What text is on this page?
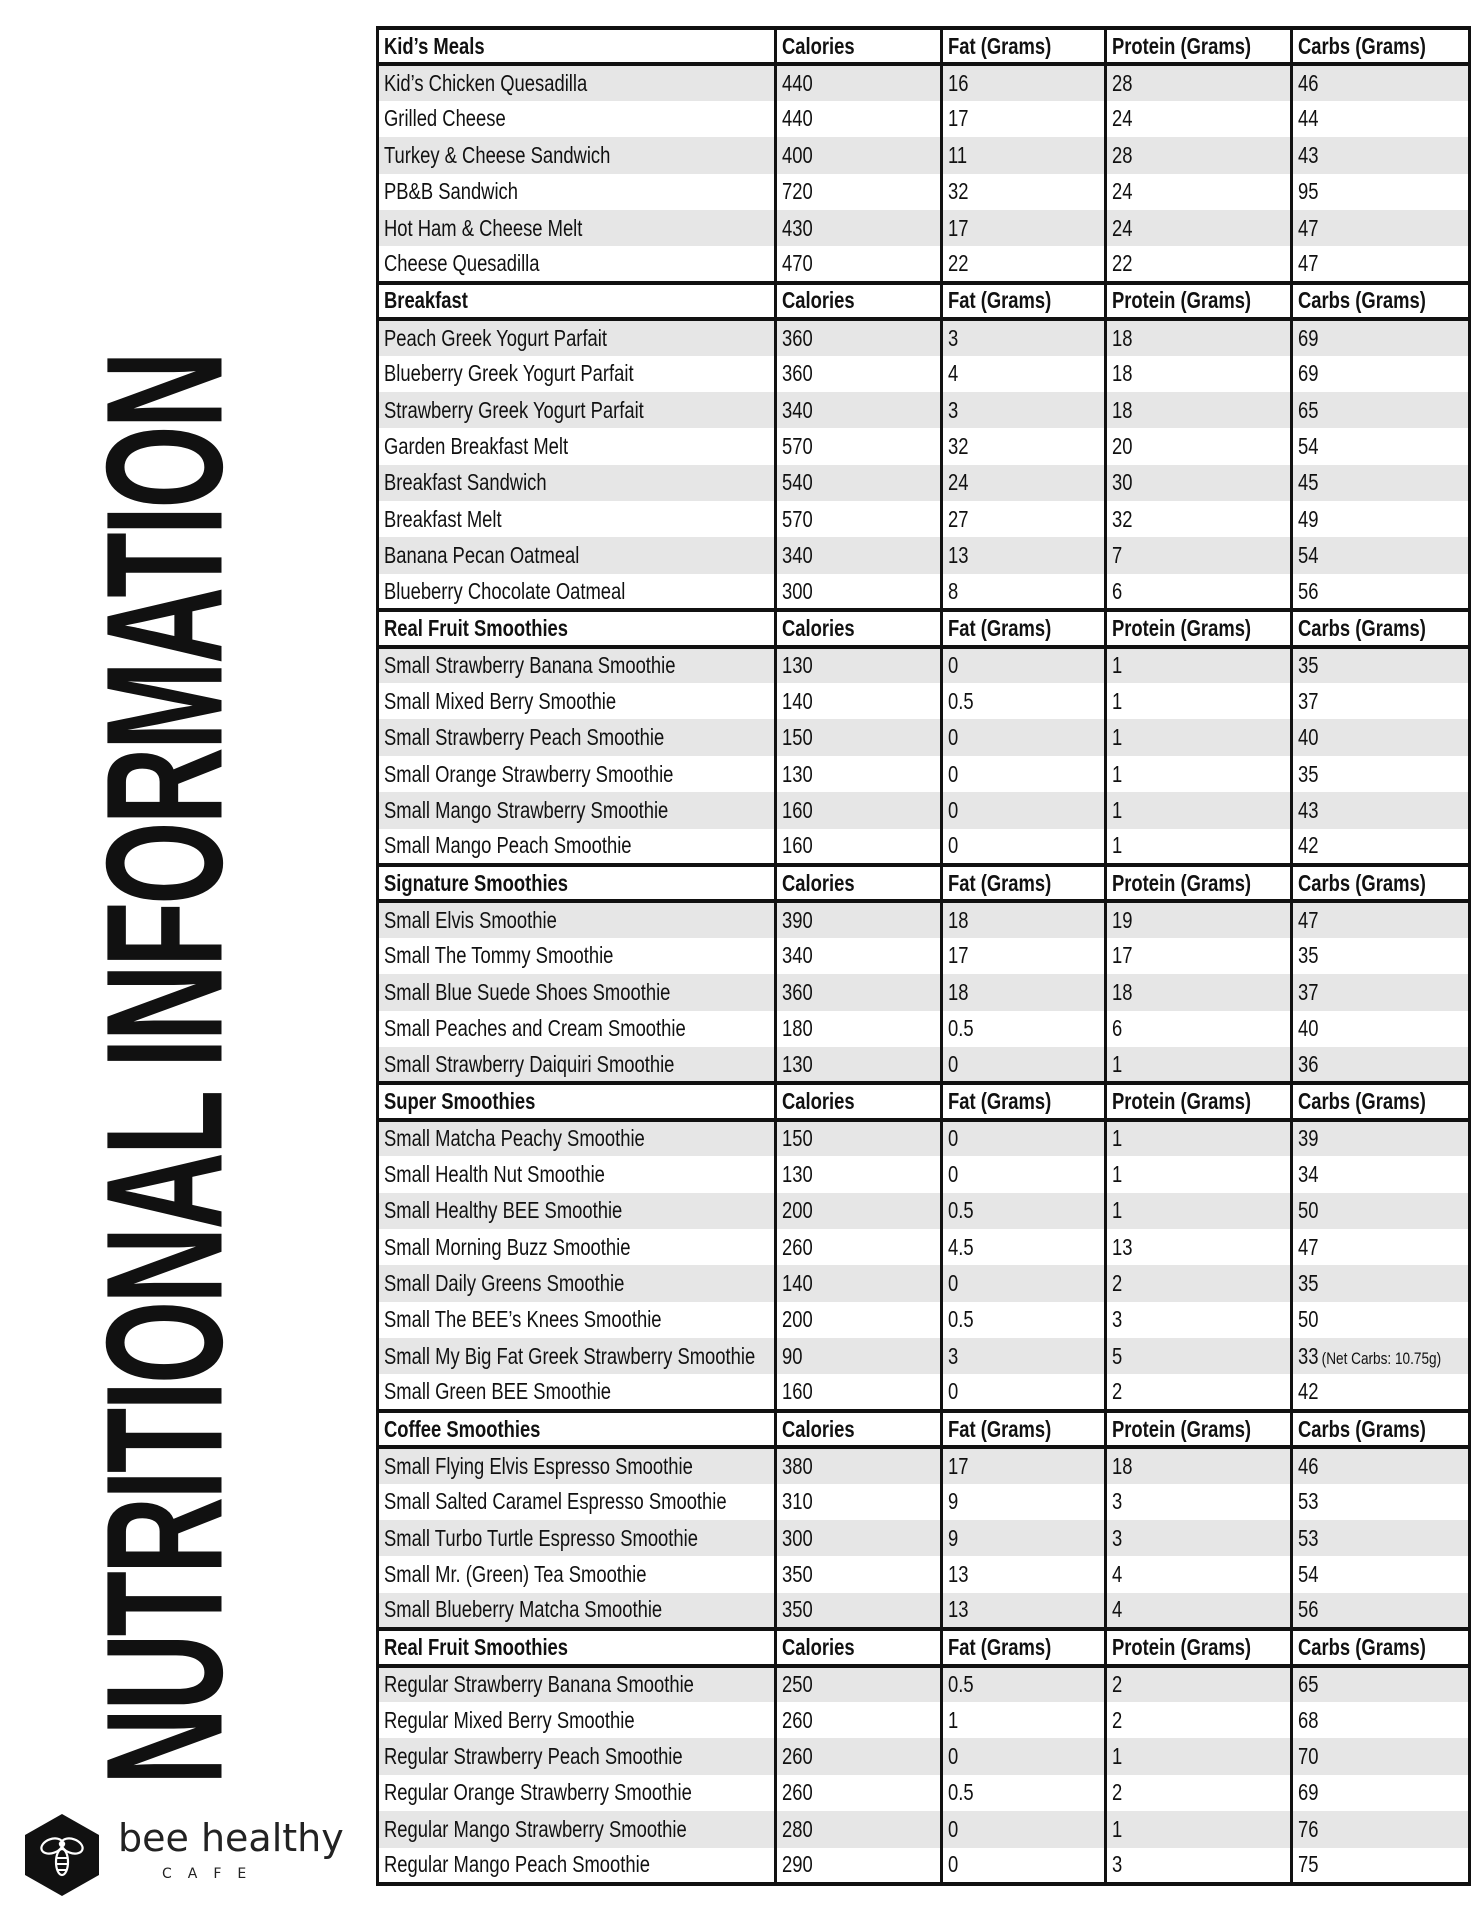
NUTRITIONAL INFORMATION
bee healthy
CAFE
Kid’s Meals	Calories	Fat (Grams)	Protein (Grams)	Carbs (Grams)
Kid’s Chicken Quesadilla	440	16	28	46
Grilled Cheese	440	17	24	44
Turkey & Cheese Sandwich	400	11	28	43
PB&B Sandwich	720	32	24	95
Hot Ham & Cheese Melt	430	17	24	47
Cheese Quesadilla	470	22	22	47
Breakfast	Calories	Fat (Grams)	Protein (Grams)	Carbs (Grams)
Peach Greek Yogurt Parfait	360	3	18	69
Blueberry Greek Yogurt Parfait	360	4	18	69
Strawberry Greek Yogurt Parfait	340	3	18	65
Garden Breakfast Melt	570	32	20	54
Breakfast Sandwich	540	24	30	45
Breakfast Melt	570	27	32	49
Banana Pecan Oatmeal	340	13	7	54
Blueberry Chocolate Oatmeal	300	8	6	56
Real Fruit Smoothies	Calories	Fat (Grams)	Protein (Grams)	Carbs (Grams)
Small Strawberry Banana Smoothie	130	0	1	35
Small Mixed Berry Smoothie	140	0.5	1	37
Small Strawberry Peach Smoothie	150	0	1	40
Small Orange Strawberry Smoothie	130	0	1	35
Small Mango Strawberry Smoothie	160	0	1	43
Small Mango Peach Smoothie	160	0	1	42
Signature Smoothies	Calories	Fat (Grams)	Protein (Grams)	Carbs (Grams)
Small Elvis Smoothie	390	18	19	47
Small The Tommy Smoothie	340	17	17	35
Small Blue Suede Shoes Smoothie	360	18	18	37
Small Peaches and Cream Smoothie	180	0.5	6	40
Small Strawberry Daiquiri Smoothie	130	0	1	36
Super Smoothies	Calories	Fat (Grams)	Protein (Grams)	Carbs (Grams)
Small Matcha Peachy Smoothie	150	0	1	39
Small Health Nut Smoothie	130	0	1	34
Small Healthy BEE Smoothie	200	0.5	1	50
Small Morning Buzz Smoothie	260	4.5	13	47
Small Daily Greens Smoothie	140	0	2	35
Small The BEE’s Knees Smoothie	200	0.5	3	50
Small My Big Fat Greek Strawberry Smoothie	90	3	5	33 (Net Carbs: 10.75g)
Small Green BEE Smoothie	160	0	2	42
Coffee Smoothies	Calories	Fat (Grams)	Protein (Grams)	Carbs (Grams)
Small Flying Elvis Espresso Smoothie	380	17	18	46
Small Salted Caramel Espresso Smoothie	310	9	3	53
Small Turbo Turtle Espresso Smoothie	300	9	3	53
Small Mr. (Green) Tea Smoothie	350	13	4	54
Small Blueberry Matcha Smoothie	350	13	4	56
Real Fruit Smoothies	Calories	Fat (Grams)	Protein (Grams)	Carbs (Grams)
Regular Strawberry Banana Smoothie	250	0.5	2	65
Regular Mixed Berry Smoothie	260	1	2	68
Regular Strawberry Peach Smoothie	260	0	1	70
Regular Orange Strawberry Smoothie	260	0.5	2	69
Regular Mango Strawberry Smoothie	280	0	1	76
Regular Mango Peach Smoothie	290	0	3	75
